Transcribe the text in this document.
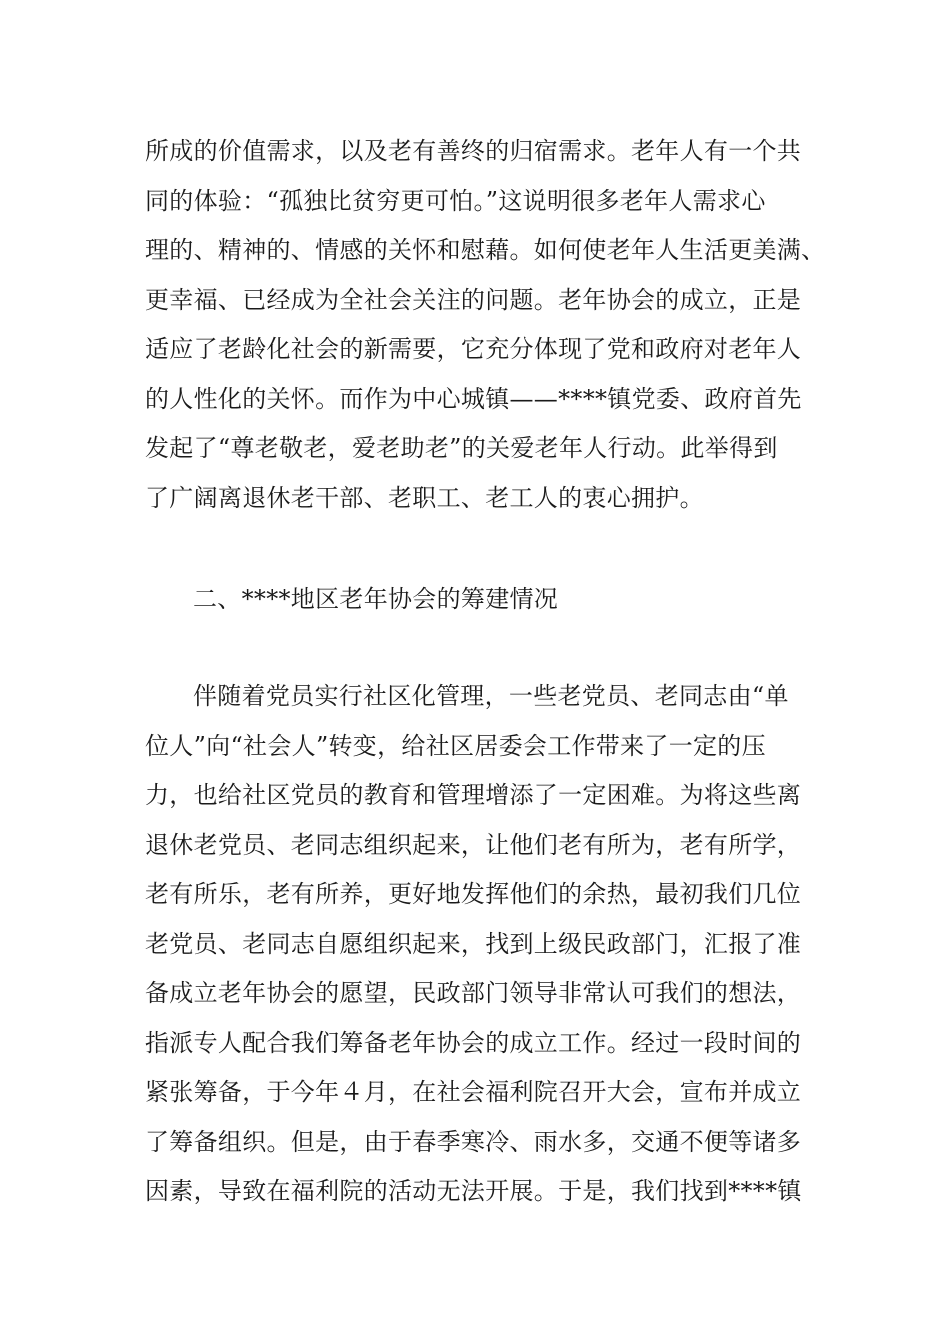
所成的价值需求，以及老有善终的归宿需求。老年人有一个共
同的体验：“孤独比贫穷更可怕。”这说明很多老年人需求心
理的、精神的、情感的关怀和慰藉。如何使老年人生活更美满、
更幸福、已经成为全社会关注的问题。老年协会的成立，正是
适应了老龄化社会的新需要，它充分体现了党和政府对老年人
的人性化的关怀。而作为中心城镇——****镇党委、政府首先
发起了“尊老敬老，爱老助老”的关爱老年人行动。此举得到
了广阔离退休老干部、老职工、老工人的衷心拥护。
二、****地区老年协会的筹建情况
伴随着党员实行社区化管理，一些老党员、老同志由“单
位人”向“社会人”转变，给社区居委会工作带来了一定的压
力，也给社区党员的教育和管理增添了一定困难。为将这些离
退休老党员、老同志组织起来，让他们老有所为，老有所学，
老有所乐，老有所养，更好地发挥他们的余热，最初我们几位
老党员、老同志自愿组织起来，找到上级民政部门，汇报了准
备成立老年协会的愿望，民政部门领导非常认可我们的想法，
指派专人配合我们筹备老年协会的成立工作。经过一段时间的
紧张筹备，于今年４月，在社会福利院召开大会，宣布并成立
了筹备组织。但是，由于春季寒冷、雨水多，交通不便等诸多
因素，导致在福利院的活动无法开展。于是，我们找到****镇
